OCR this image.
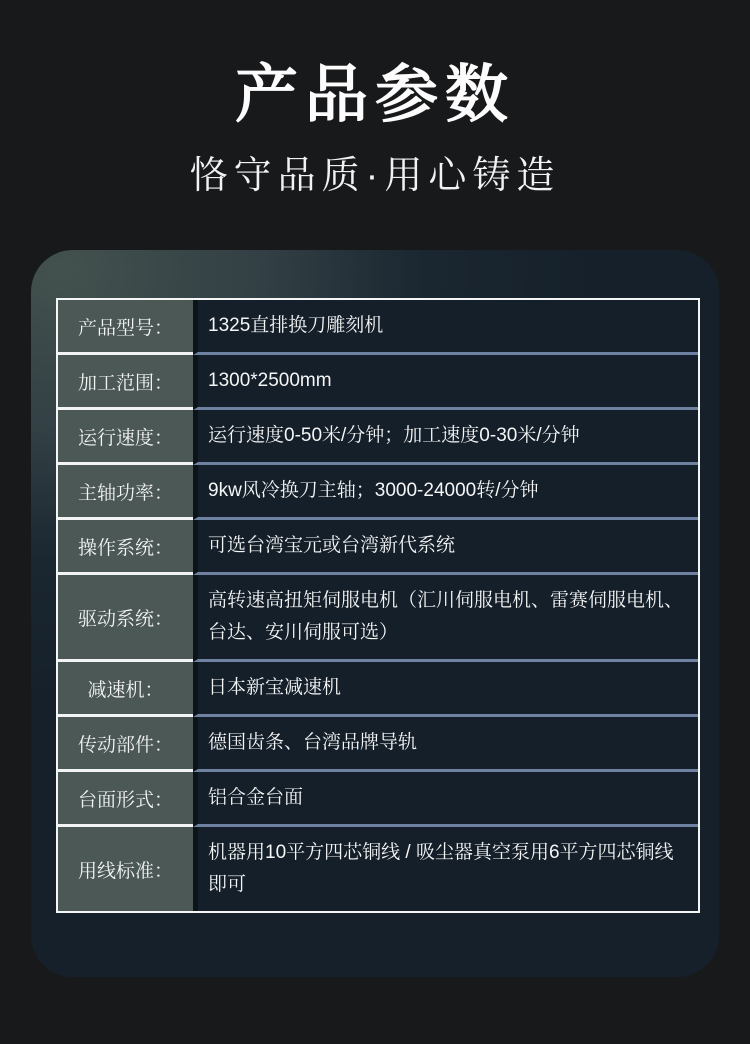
产品参数
恪守品质·用心铸造
产品型号：	1325直排换刀雕刻机
加工范围：	1300*2500mm
运行速度：	运行速度0-50米/分钟；加工速度0-30米/分钟
主轴功率：	9kw风冷换刀主轴；3000-24000转/分钟
操作系统：	可选台湾宝元或台湾新代系统
驱动系统：
高转速高扭矩伺服电机（汇川伺服电机、雷赛伺服电机、台达、安川伺服可选）
减速机：	日本新宝减速机
传动部件：	德国齿条、台湾品牌导轨
台面形式：	铝合金台面
用线标准：
机器用10平方四芯铜线 / 吸尘器真空泵用6平方四芯铜线即可
